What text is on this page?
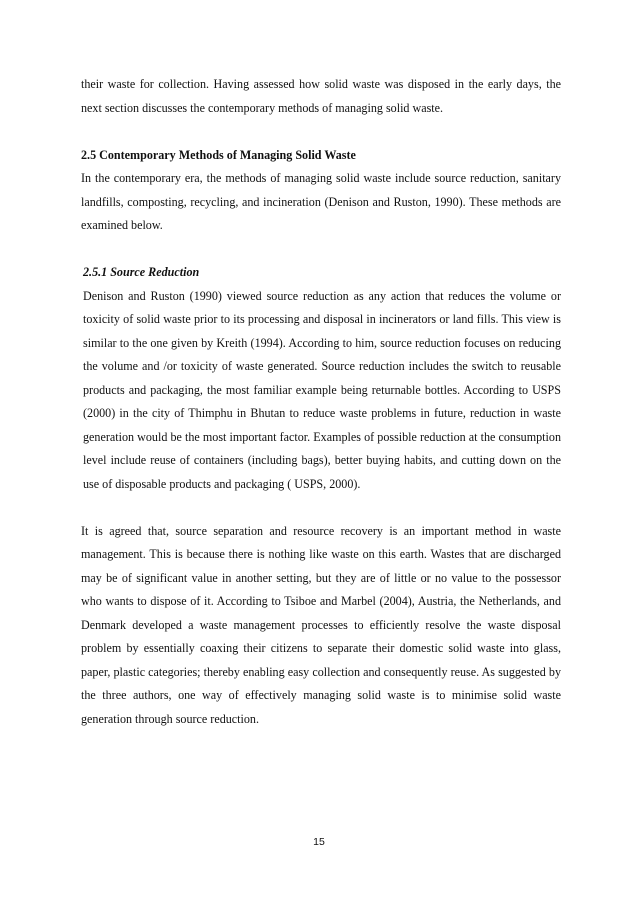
their waste for collection. Having assessed how solid waste was disposed in the early days, the next section discusses the contemporary methods of managing solid waste.

2.5 Contemporary Methods of Managing Solid Waste

In the contemporary era, the methods of managing solid waste include source reduction, sanitary landfills, composting, recycling, and incineration (Denison and Ruston, 1990). These methods are examined below.

2.5.1 Source Reduction

Denison and Ruston (1990) viewed source reduction as any action that reduces the volume or toxicity of solid waste prior to its processing and disposal in incinerators or land fills. This view is similar to the one given by Kreith (1994). According to him, source reduction focuses on reducing the volume and /or toxicity of waste generated. Source reduction includes the switch to reusable products and packaging, the most familiar example being returnable bottles. According to USPS (2000) in the city of Thimphu in Bhutan to reduce waste problems in future, reduction in waste generation would be the most important factor. Examples of possible reduction at the consumption level include reuse of containers (including bags), better buying habits, and cutting down on the use of disposable products and packaging ( USPS, 2000).

It is agreed that, source separation and resource recovery is an important method in waste management. This is because there is nothing like waste on this earth. Wastes that are discharged may be of significant value in another setting, but they are of little or no value to the possessor who wants to dispose of it. According to Tsiboe and Marbel (2004), Austria, the Netherlands, and Denmark developed a waste management processes to efficiently resolve the waste disposal problem by essentially coaxing their citizens to separate their domestic solid waste into glass, paper, plastic categories; thereby enabling easy collection and consequently reuse. As suggested by the three authors, one way of effectively managing solid waste is to minimise solid waste generation through source reduction.

15
